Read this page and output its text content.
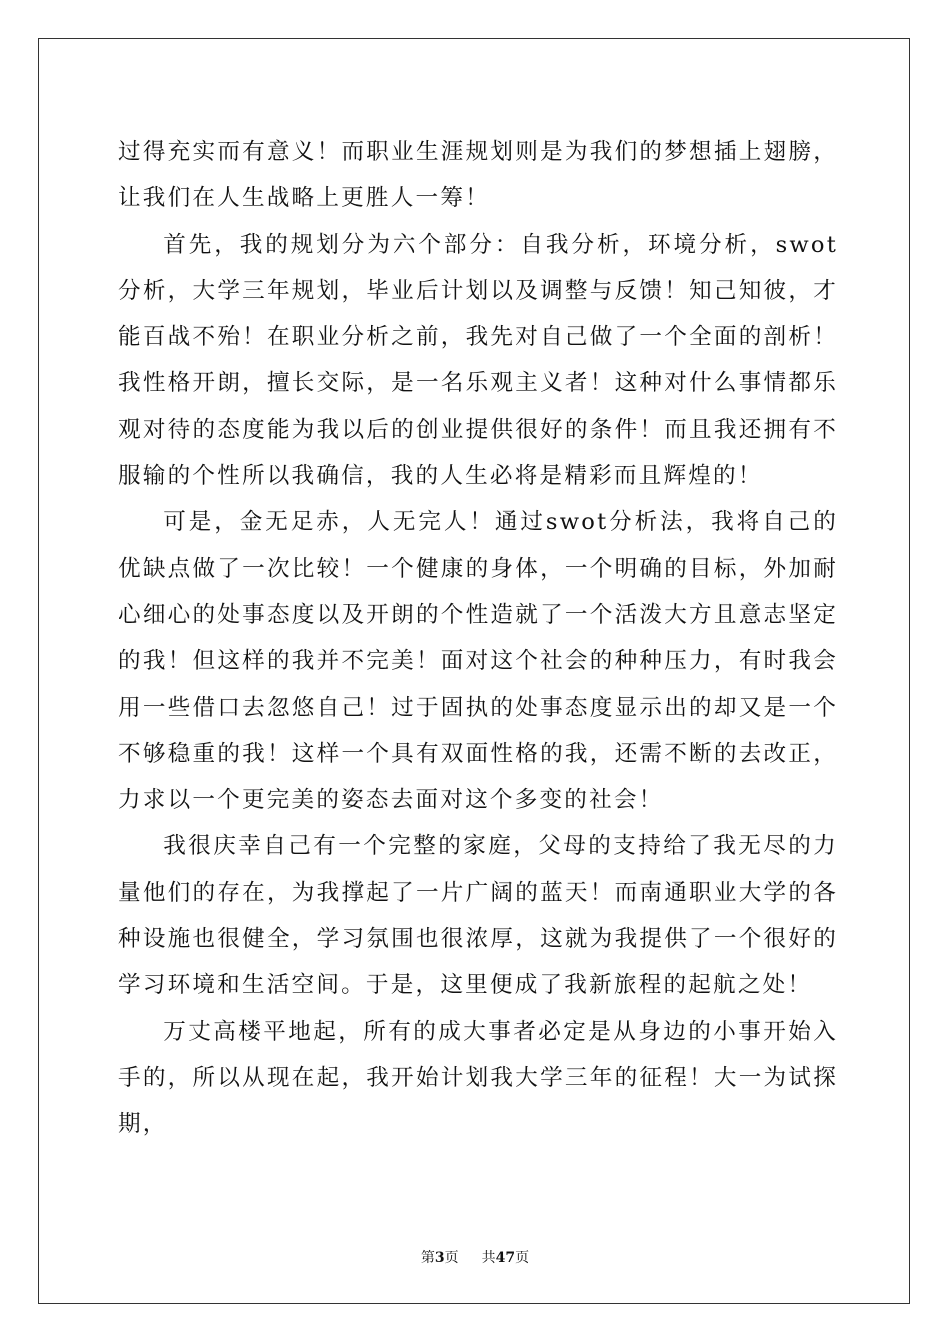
过得充实而有意义！而职业生涯规划则是为我们的梦想插上翅膀，让我们在人生战略上更胜人一筹！

首先，我的规划分为六个部分：自我分析，环境分析，swot分析，大学三年规划，毕业后计划以及调整与反馈！知己知彼，才能百战不殆！在职业分析之前，我先对自己做了一个全面的剖析！我性格开朗，擅长交际，是一名乐观主义者！这种对什么事情都乐观对待的态度能为我以后的创业提供很好的条件！而且我还拥有不服输的个性所以我确信，我的人生必将是精彩而且辉煌的！

可是，金无足赤，人无完人！通过swot分析法，我将自己的优缺点做了一次比较！一个健康的身体，一个明确的目标，外加耐心细心的处事态度以及开朗的个性造就了一个活泼大方且意志坚定的我！但这样的我并不完美！面对这个社会的种种压力，有时我会用一些借口去忽悠自己！过于固执的处事态度显示出的却又是一个不够稳重的我！这样一个具有双面性格的我，还需不断的去改正，力求以一个更完美的姿态去面对这个多变的社会！

我很庆幸自己有一个完整的家庭，父母的支持给了我无尽的力量他们的存在，为我撑起了一片广阔的蓝天！而南通职业大学的各种设施也很健全，学习氛围也很浓厚，这就为我提供了一个很好的学习环境和生活空间。于是，这里便成了我新旅程的起航之处！

万丈高楼平地起，所有的成大事者必定是从身边的小事开始入手的，所以从现在起，我开始计划我大学三年的征程！大一为试探期，

第3页 共47页
